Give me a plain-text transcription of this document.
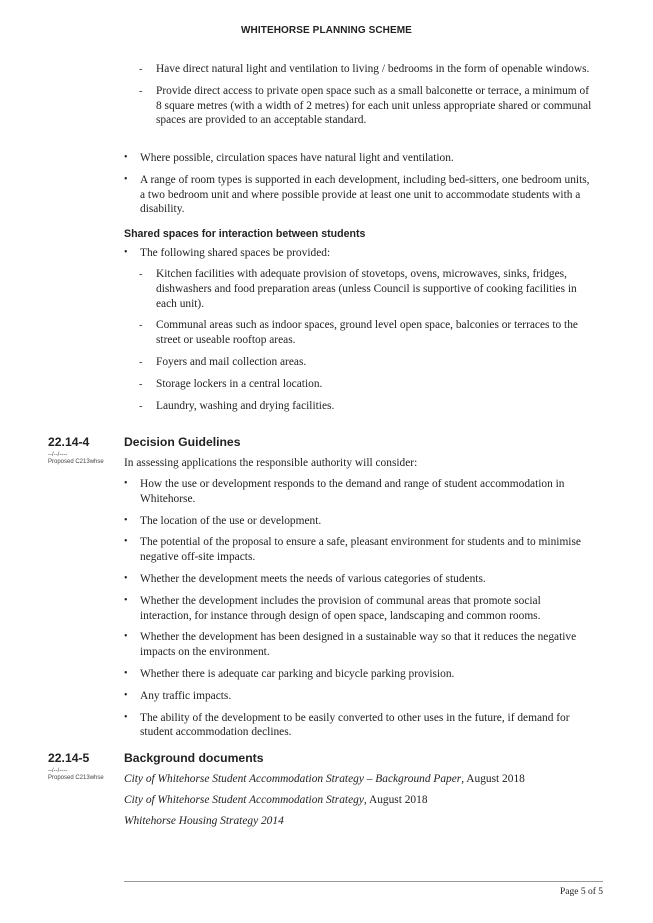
WHITEHORSE PLANNING SCHEME
- Have direct natural light and ventilation to living / bedrooms in the form of openable windows.
- Provide direct access to private open space such as a small balconette or terrace, a minimum of 8 square metres (with a width of 2 metres) for each unit unless appropriate shared or communal spaces are provided to an acceptable standard.
• Where possible, circulation spaces have natural light and ventilation.
• A range of room types is supported in each development, including bed-sitters, one bedroom units, a two bedroom unit and where possible provide at least one unit to accommodate students with a disability.
Shared spaces for interaction between students
• The following shared spaces be provided:
- Kitchen facilities with adequate provision of stovetops, ovens, microwaves, sinks, fridges, dishwashers and food preparation areas (unless Council is supportive of cooking facilities in each unit).
- Communal areas such as indoor spaces, ground level open space, balconies or terraces to the street or useable rooftop areas.
- Foyers and mail collection areas.
- Storage lockers in a central location.
- Laundry, washing and drying facilities.
22.14-4	Decision Guidelines
--/--/----
Proposed C213whse In assessing applications the responsible authority will consider:
• How the use or development responds to the demand and range of student accommodation in Whitehorse.
• The location of the use or development.
• The potential of the proposal to ensure a safe, pleasant environment for students and to minimise negative off-site impacts.
• Whether the development meets the needs of various categories of students.
• Whether the development includes the provision of communal areas that promote social interaction, for instance through design of open space, landscaping and common rooms.
• Whether the development has been designed in a sustainable way so that it reduces the negative impacts on the environment.
• Whether there is adequate car parking and bicycle parking provision.
• Any traffic impacts.
• The ability of the development to be easily converted to other uses in the future, if demand for student accommodation declines.
22.14-5	Background documents
--/--/----
Proposed C213whse City of Whitehorse Student Accommodation Strategy – Background Paper, August 2018
City of Whitehorse Student Accommodation Strategy, August 2018
Whitehorse Housing Strategy 2014
Page 5 of 5
